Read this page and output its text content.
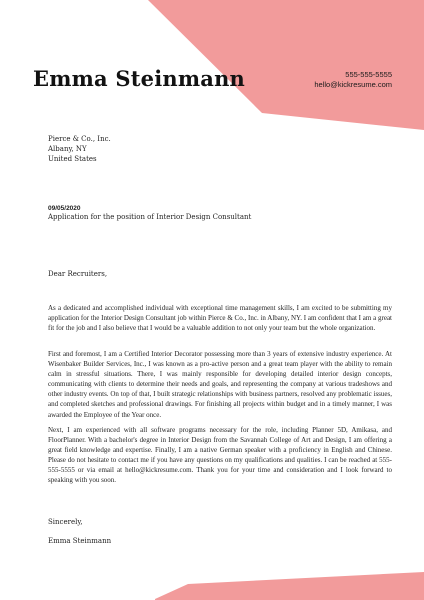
Emma Steinmann	555-555-5555
hello@kickresume.com
Pierce & Co., Inc.
Albany, NY
United States
09/05/2020
Application for the position of Interior Design Consultant
Dear Recruiters,

As a dedicated and accomplished individual with exceptional time management skills, I am excited to be submitting my application for the Interior Design Consultant job within Pierce & Co., Inc. in Albany, NY. I am confident that I am a great fit for the job and I also believe that I would be a valuable addition to not only your team but the whole organization.

First and foremost, I am a Certified Interior Decorator possessing more than 3 years of extensive industry experience. At Wisenbaker Builder Services, Inc., I was known as a pro-active person and a great team player with the ability to remain calm in stressful situations. There, I was mainly responsible for developing detailed interior design concepts, communicating with clients to determine their needs and goals, and representing the company at various tradeshows and other industry events. On top of that, I built strategic relationships with business partners, resolved any problematic issues, and completed sketches and professional drawings. For finishing all projects within budget and in a timely manner, I was awarded the Employee of the Year once.

Next, I am experienced with all software programs necessary for the role, including Planner 5D, Amikasa, and FloorPlanner. With a bachelor's degree in Interior Design from the Savannah College of Art and Design, I am offering a great field knowledge and expertise. Finally, I am a native German speaker with a proficiency in English and Chinese. Please do not hesitate to contact me if you have any questions on my qualifications and qualities. I can be reached at 555-555-5555 or via email at hello@kickresume.com. Thank you for your time and consideration and I look forward to speaking with you soon.

Sincerely,
Emma Steinmann
